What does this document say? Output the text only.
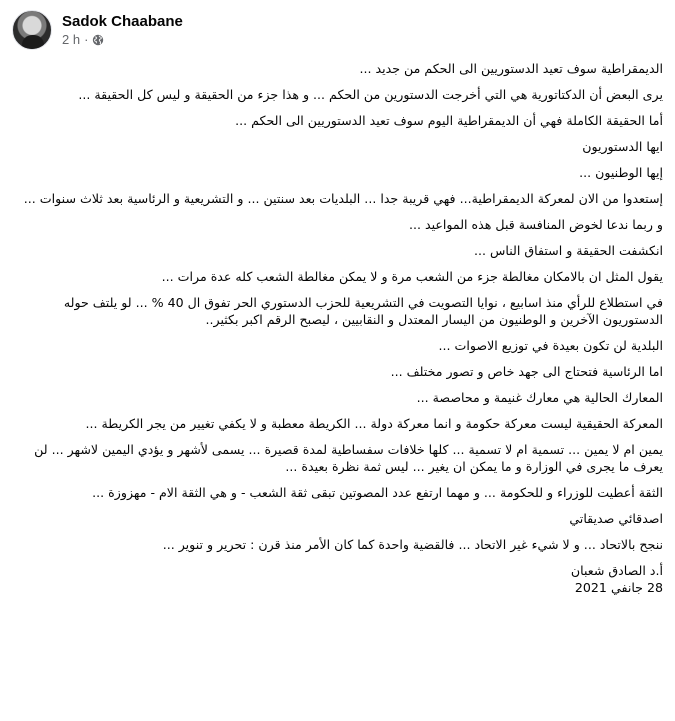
Sadok Chaabane
2 h ·

الديمقراطية سوف تعيد الدستوريين الى الحكم من جديد ...

يرى البعض أن الدكتاتورية هي التي أخرجت الدستورين من الحكم ... و هذا جزء من الحقيقة و ليس كل الحقيقة ...

أما الحقيقة الكاملة فهي أن الديمقراطية اليوم سوف تعيد الدستوريين الى الحكم ...

ايها الدستوريون

إيها الوطنيون ...

إستعدوا من الان لمعركة الديمقراطية... فهي قريبة جدا ... البلديات بعد سنتين ... و التشريعية و الرئاسية بعد ثلاث سنوات ...

و ربما ندعا لخوض المنافسة قبل هذه المواعيد ...

انكشفت الحقيقة و استفاق الناس ...

يقول المثل ان بالامكان مغالطة جزء من الشعب مرة و لا يمكن مغالطة الشعب كله عدة مرات ...

في استطلاع للرأي منذ اسابيع ، نوايا التصويت في التشريعية للحزب الدستوري الحر تفوق ال 40 % ... لو يلتف حوله الدستوريون الآخرين و الوطنيون من اليسار المعتدل و النقابيين ، ليصبح الرقم اكبر بكثير..

البلدية لن تكون بعيدة في توزيع الاصوات ...

اما الرئاسية فتحتاج الى جهد خاص و تصور مختلف ...

المعارك الحالية هي معارك غنيمة و محاصصة ...

المعركة الحقيقية ليست معركة حكومة و انما معركة دولة ... الكريطة معطبة و لا يكفي تغيير من يجر الكريطة ...

يمين ام لا يمين ... تسمية ام لا تسمية ... كلها خلافات سفساطية لمدة قصيرة ... يسمى لأشهر و يؤدي اليمين لاشهر ... لن يعرف ما يجرى في الوزارة و ما يمكن ان يغير ... ليس ثمة نظرة بعيدة ...

الثقة أعطيت للوزراء و للحكومة ... و مهما ارتفع عدد المصوتين تبقى ثقة الشعب - و هي الثقة الام - مهزوزة ...

اصدقائي صديقاتي

ننجح بالاتحاد ... و لا شيء غير الاتحاد ... فالقضية واحدة كما كان الأمر منذ قرن : تحرير و تنوير ...

أ.د الصادق شعبان

28 جانفي 2021
